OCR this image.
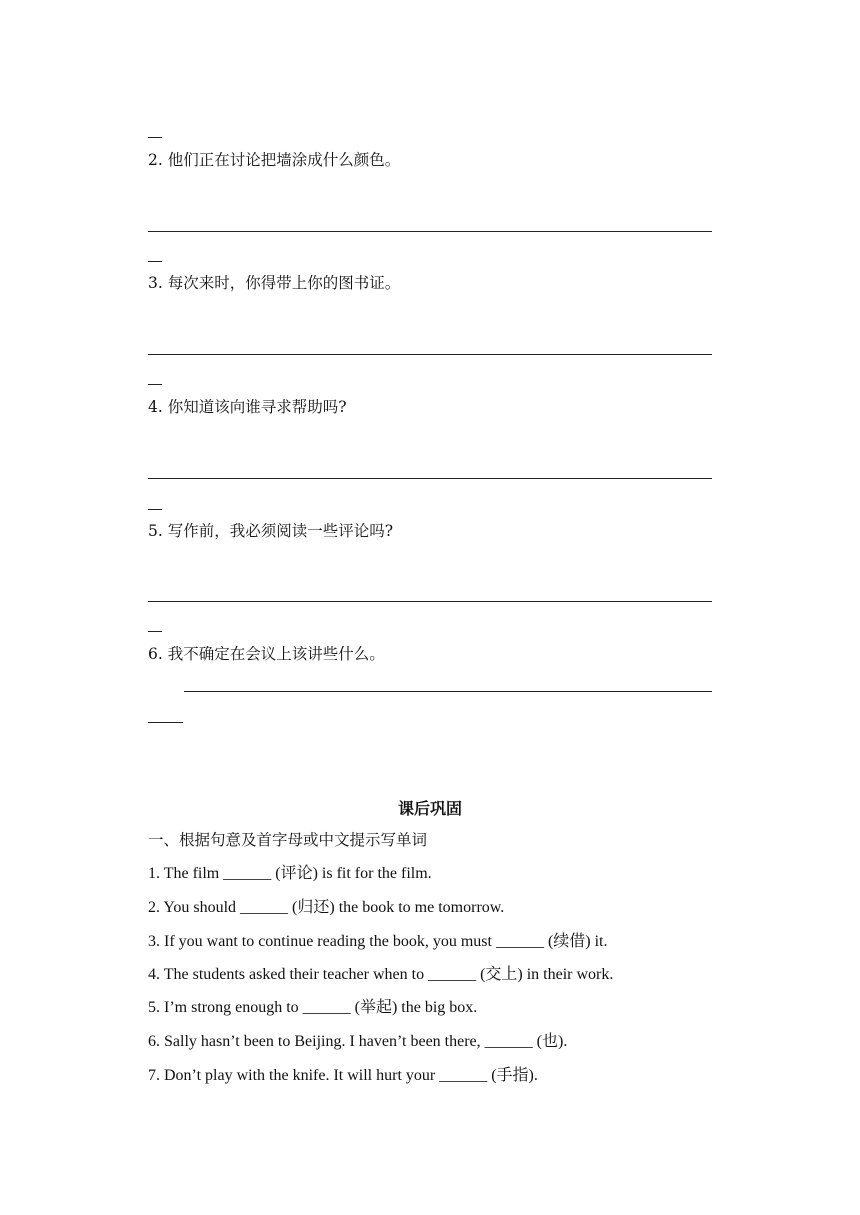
2. 他们正在讨论把墙涂成什么颜色。
3. 每次来时，你得带上你的图书证。
4. 你知道该向谁寻求帮助吗?
5. 写作前，我必须阅读一些评论吗?
6. 我不确定在会议上该讲些什么。
课后巩固
一、根据句意及首字母或中文提示写单词
1. The film ______ (评论) is fit for the film.
2. You should ______ (归还) the book to me tomorrow.
3. If you want to continue reading the book, you must ______ (续借) it.
4. The students asked their teacher when to ______ (交上) in their work.
5. I’m strong enough to ______ (举起) the big box.
6. Sally hasn’t been to Beijing. I haven’t been there, ______ (也).
7. Don’t play with the knife. It will hurt your ______ (手指).
